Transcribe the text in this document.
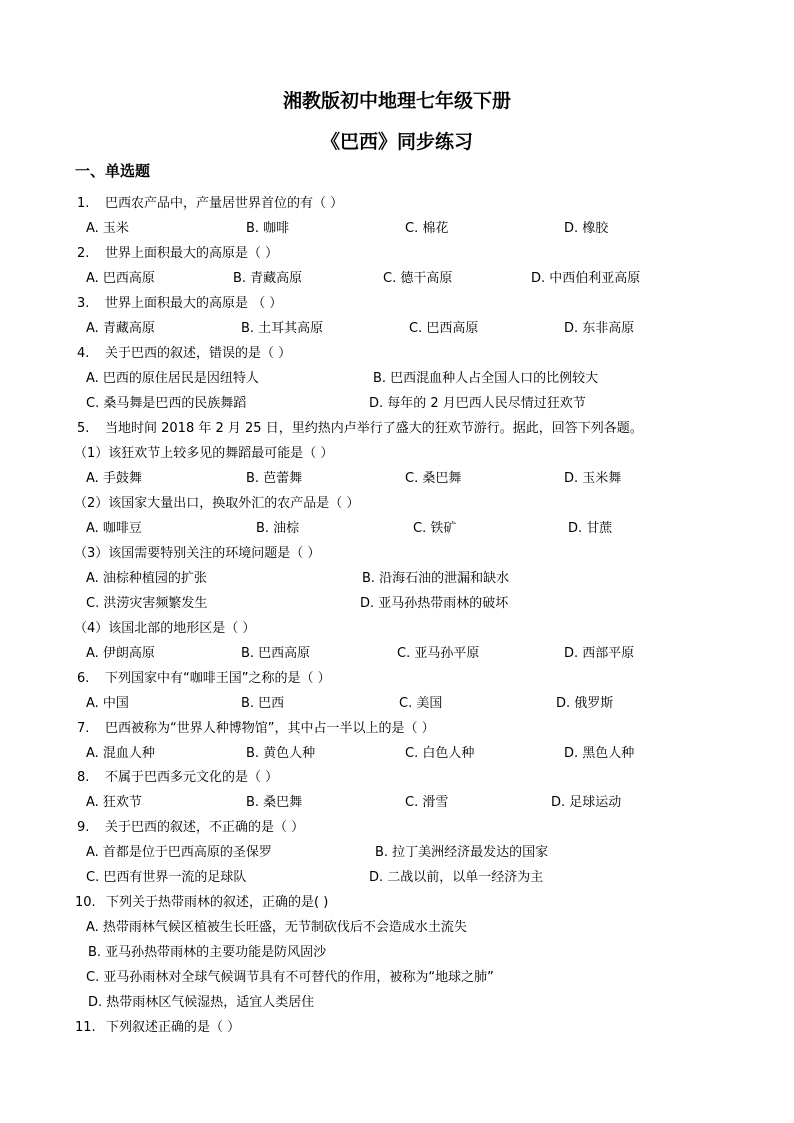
湘教版初中地理七年级下册
《巴西》同步练习
一、单选题
1. 巴西农产品中，产量居世界首位的有（ ）
A. 玉米	B. 咖啡	C. 棉花	D. 橡胶
2. 世界上面积最大的高原是（ ）
A. 巴西高原	B. 青藏高原	C. 德干高原	D. 中西伯利亚高原
3. 世界上面积最大的高原是 （ ）
A. 青藏高原	B. 土耳其高原	C. 巴西高原	D. 东非高原
4. 关于巴西的叙述，错误的是（ ）
A. 巴西的原住居民是因纽特人	B. 巴西混血种人占全国人口的比例较大
C. 桑马舞是巴西的民族舞蹈	D. 每年的 2 月巴西人民尽情过狂欢节
5. 当地时间 2018 年 2 月 25 日，里约热内卢举行了盛大的狂欢节游行。据此，回答下列各题。
（1）该狂欢节上较多见的舞蹈最可能是（ ）
A. 手鼓舞	B. 芭蕾舞	C. 桑巴舞	D. 玉米舞
（2）该国家大量出口，换取外汇的农产品是（ ）
A. 咖啡豆	B. 油棕	C. 铁矿	D. 甘蔗
（3）该国需要特别关注的环境问题是（ ）
A. 油棕种植园的扩张	B. 沿海石油的泄漏和缺水
C. 洪涝灾害频繁发生	D. 亚马孙热带雨林的破坏
（4）该国北部的地形区是（ ）
A. 伊朗高原	B. 巴西高原	C. 亚马孙平原	D. 西部平原
6. 下列国家中有“咖啡王国”之称的是（ ）
A. 中国	B. 巴西	C. 美国	D. 俄罗斯
7. 巴西被称为“世界人种博物馆”，其中占一半以上的是（ ）
A. 混血人种	B. 黄色人种	C. 白色人种	D. 黑色人种
8. 不属于巴西多元文化的是（ ）
A. 狂欢节	B. 桑巴舞	C. 滑雪	D. 足球运动
9. 关于巴西的叙述，不正确的是（ ）
A. 首都是位于巴西高原的圣保罗	B. 拉丁美洲经济最发达的国家
C. 巴西有世界一流的足球队	D. 二战以前，以单一经济为主
10. 下列关于热带雨林的叙述，正确的是( )
A. 热带雨林气候区植被生长旺盛，无节制砍伐后不会造成水土流失
B. 亚马孙热带雨林的主要功能是防风固沙
C. 亚马孙雨林对全球气候调节具有不可替代的作用，被称为“地球之肺”
D. 热带雨林区气候湿热，适宜人类居住
11. 下列叙述正确的是（ ）
